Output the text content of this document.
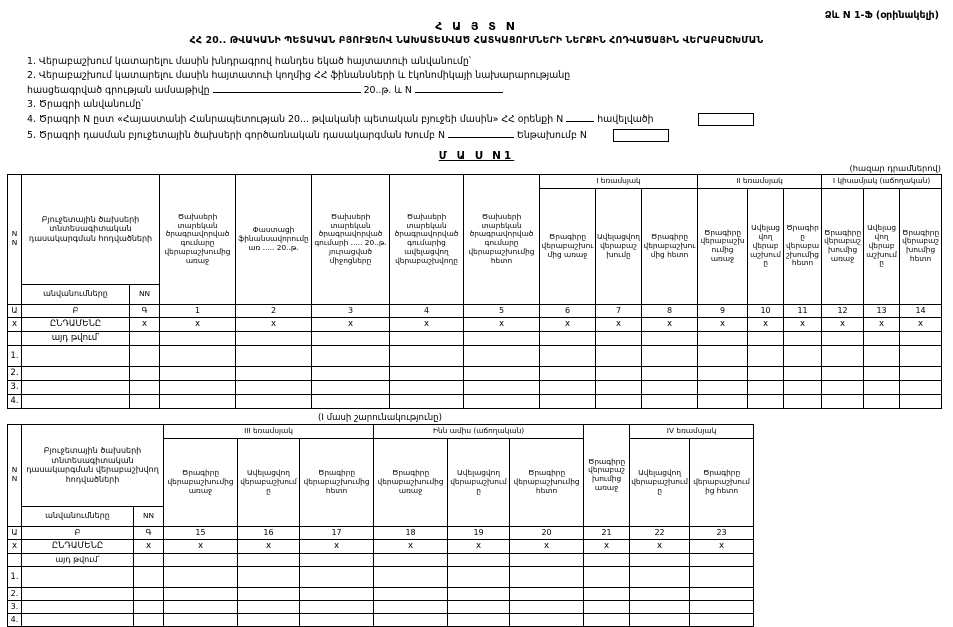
Ձև N 1-Ֆ (օրինակելի)
Հ Ա Յ Տ N
ՀՀ 20.. ԹՎԱԿԱՆԻ ՊԵՏԱԿԱՆ ԲՅՈՒՋԵՈՎ ՆԱԽԱՏԵՍՎԱԾ ՀԱՏԿԱՑՈՒՄՆԵՐԻ ՆԵՐՔԻՆ ՀՈԴՎԱԾԱՅԻՆ ՎԵՐԱԲԱՇԽՄԱՆ
1. Վերաբաշխում կատարելու մասին խնդրագրով հանդես եկած հայտատուի անվանումը՝
2. Վերաբաշխում կատարելու մասին հայտատուի կողմից ՀՀ ֆինանսների և էկոնոմիկայի նախարարությանը
հասցեագրված գրության ամսաթիվը	20..թ. և N
3. Ծրագրի անվանումը՝
4. Ծրագրի N ըստ «Հայաստանի Հանրապետության 20... թվականի պետական բյուջեի մասին» ՀՀ օրենքի N	հավելվածի
5. Ծրագրի դասման բյուջետային ծախսերի գործառնական դասակարգման Խումբ N	Ենթախումբ N
Մ Ա Ս N1
(հազար դրամներով)
NN	Բյուջետային ծախսերի տնտեսագիտական դասակարգման հոդվածների		Ծախսերի տարեկան ծրագրավորված գումարը վերաբաշխումից առաջ	Փաստացի ֆինանսավորումը առ ..... 20..թ.	Ծախսերի տարեկան ծրագրավորված գումարի ..... 20..թ. յուրացված միջոցները	Ծախսերի տարեկան ծրագրավորված գումարից ավելացվող վերաբաշխվողը	Ծախսերի տարեկան ծրագրավորված գումարը վերաբաշխումից հետո	I եռամսյակ			II եռամսյակ			I կիսամյակ (աճողական)		
								Ծրագիրը վերաբաշխումից առաջ	Ավելացվող վերաբաշխումը	Ծրագիրը վերաբաշխումից հետո	Ծրագիրը վերաբաշխումից առաջ	Ավելացվող վերաբաշխումը	Ծրագիրը վերաբաշխումից հետո	Ծրագիրը վերաբաշխումից առաջ	Ավելացվող վերաբաշխումը	Ծրագիրը վերաբաշխումից հետո
	անվանումները	NN														
Ա	Բ	Գ	1	2	3	4	5	6	7	8	9	10	11	12	13	14
x	ԸՆԴԱՄԵՆԸ	x	x	x	x	x	x	x	x	x	x	x	x	x	x	x
	այդ թվում՝															
1.																
2.																
3.																
4.																
(I մասի շարունակությունը)
NN	Բյուջետային ծախսերի տնտեսագիտական դասակարգման վերաբաշխվող հոդվածների		III եռամսյակ			Ինն ամիս (աճողական)			Ծրագիրը վերաբաշխումից առաջ	IV եռամսյակ	
			Ծրագիրը վերաբաշխումից առաջ	Ավելացվող վերաբաշխումը	Ծրագիրը վերաբաշխումից հետո	Ծրագիրը վերաբաշխումից առաջ	Ավելացվող վերաբաշխումը	Ծրագիրը վերաբաշխումից հետո		Ավելացվող վերաբաշխումը	Ծրագիրը վերաբաշխումից հետո
	անվանումները	NN									
Ա	Բ	Գ	15	16	17	18	19	20	21	22	23
x	ԸՆԴԱՄԵՆԸ	x	x	x	x	x	x	x	x	x	x
	այդ թվում՝										
1.											
2.											
3.											
4.											
